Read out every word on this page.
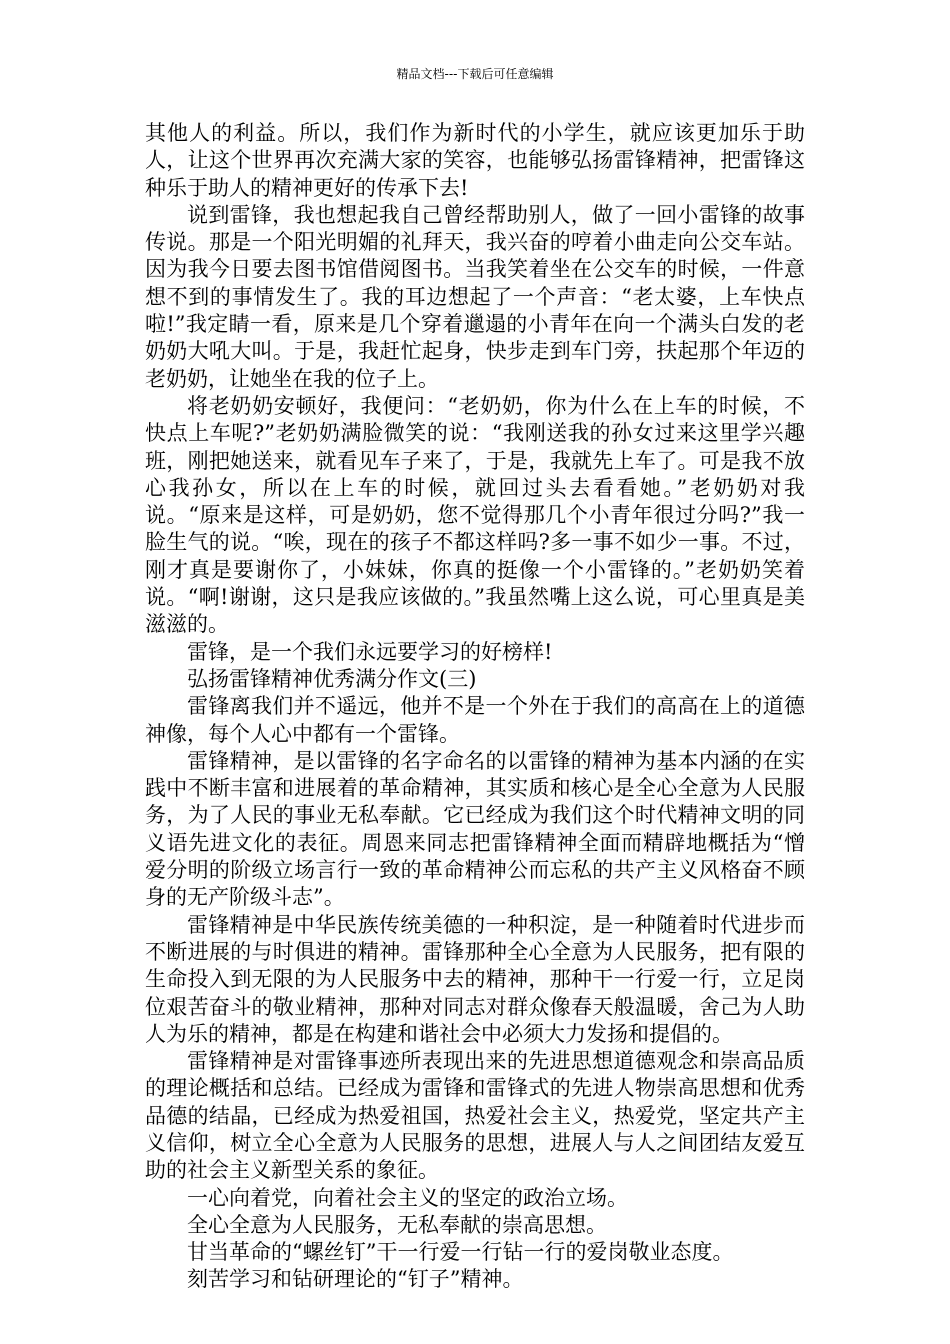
精品文档---下载后可任意编辑

其他人的利益。所以，我们作为新时代的小学生，就应该更加乐于助人，让这个世界再次充满大家的笑容，也能够弘扬雷锋精神，把雷锋这种乐于助人的精神更好的传承下去!

说到雷锋，我也想起我自己曾经帮助别人，做了一回小雷锋的故事传说。那是一个阳光明媚的礼拜天，我兴奋的哼着小曲走向公交车站。因为我今日要去图书馆借阅图书。当我笑着坐在公交车的时候，一件意想不到的事情发生了。我的耳边想起了一个声音：“老太婆，上车快点啦!”我定睛一看，原来是几个穿着邋遢的小青年在向一个满头白发的老奶奶大吼大叫。于是，我赶忙起身，快步走到车门旁，扶起那个年迈的老奶奶，让她坐在我的位子上。

将老奶奶安顿好，我便问：“老奶奶，你为什么在上车的时候，不快点上车呢?”老奶奶满脸微笑的说：“我刚送我的孙女过来这里学兴趣班，刚把她送来，就看见车子来了，于是，我就先上车了。可是我不放心我孙女，所以在上车的时候，就回过头去看看她。”老奶奶对我说。“原来是这样，可是奶奶，您不觉得那几个小青年很过分吗?”我一脸生气的说。“唉，现在的孩子不都这样吗?多一事不如少一事。不过，刚才真是要谢你了，小妹妹，你真的挺像一个小雷锋的。”老奶奶笑着说。“啊!谢谢，这只是我应该做的。”我虽然嘴上这么说，可心里真是美滋滋的。

雷锋，是一个我们永远要学习的好榜样!

弘扬雷锋精神优秀满分作文(三)

雷锋离我们并不遥远，他并不是一个外在于我们的高高在上的道德神像，每个人心中都有一个雷锋。

雷锋精神，是以雷锋的名字命名的以雷锋的精神为基本内涵的在实践中不断丰富和进展着的革命精神，其实质和核心是全心全意为人民服务，为了人民的事业无私奉献。它已经成为我们这个时代精神文明的同义语先进文化的表征。周恩来同志把雷锋精神全面而精辟地概括为“憎爱分明的阶级立场言行一致的革命精神公而忘私的共产主义风格奋不顾身的无产阶级斗志”。

雷锋精神是中华民族传统美德的一种积淀，是一种随着时代进步而不断进展的与时俱进的精神。雷锋那种全心全意为人民服务，把有限的生命投入到无限的为人民服务中去的精神，那种干一行爱一行，立足岗位艰苦奋斗的敬业精神，那种对同志对群众像春天般温暖，舍己为人助人为乐的精神，都是在构建和谐社会中必须大力发扬和提倡的。

雷锋精神是对雷锋事迹所表现出来的先进思想道德观念和崇高品质的理论概括和总结。已经成为雷锋和雷锋式的先进人物崇高思想和优秀品德的结晶，已经成为热爱祖国，热爱社会主义，热爱党，坚定共产主义信仰，树立全心全意为人民服务的思想，进展人与人之间团结友爱互助的社会主义新型关系的象征。

一心向着党，向着社会主义的坚定的政治立场。

全心全意为人民服务，无私奉献的崇高思想。

甘当革命的“螺丝钉”干一行爱一行钻一行的爱岗敬业态度。

刻苦学习和钻研理论的“钉子”精神。
